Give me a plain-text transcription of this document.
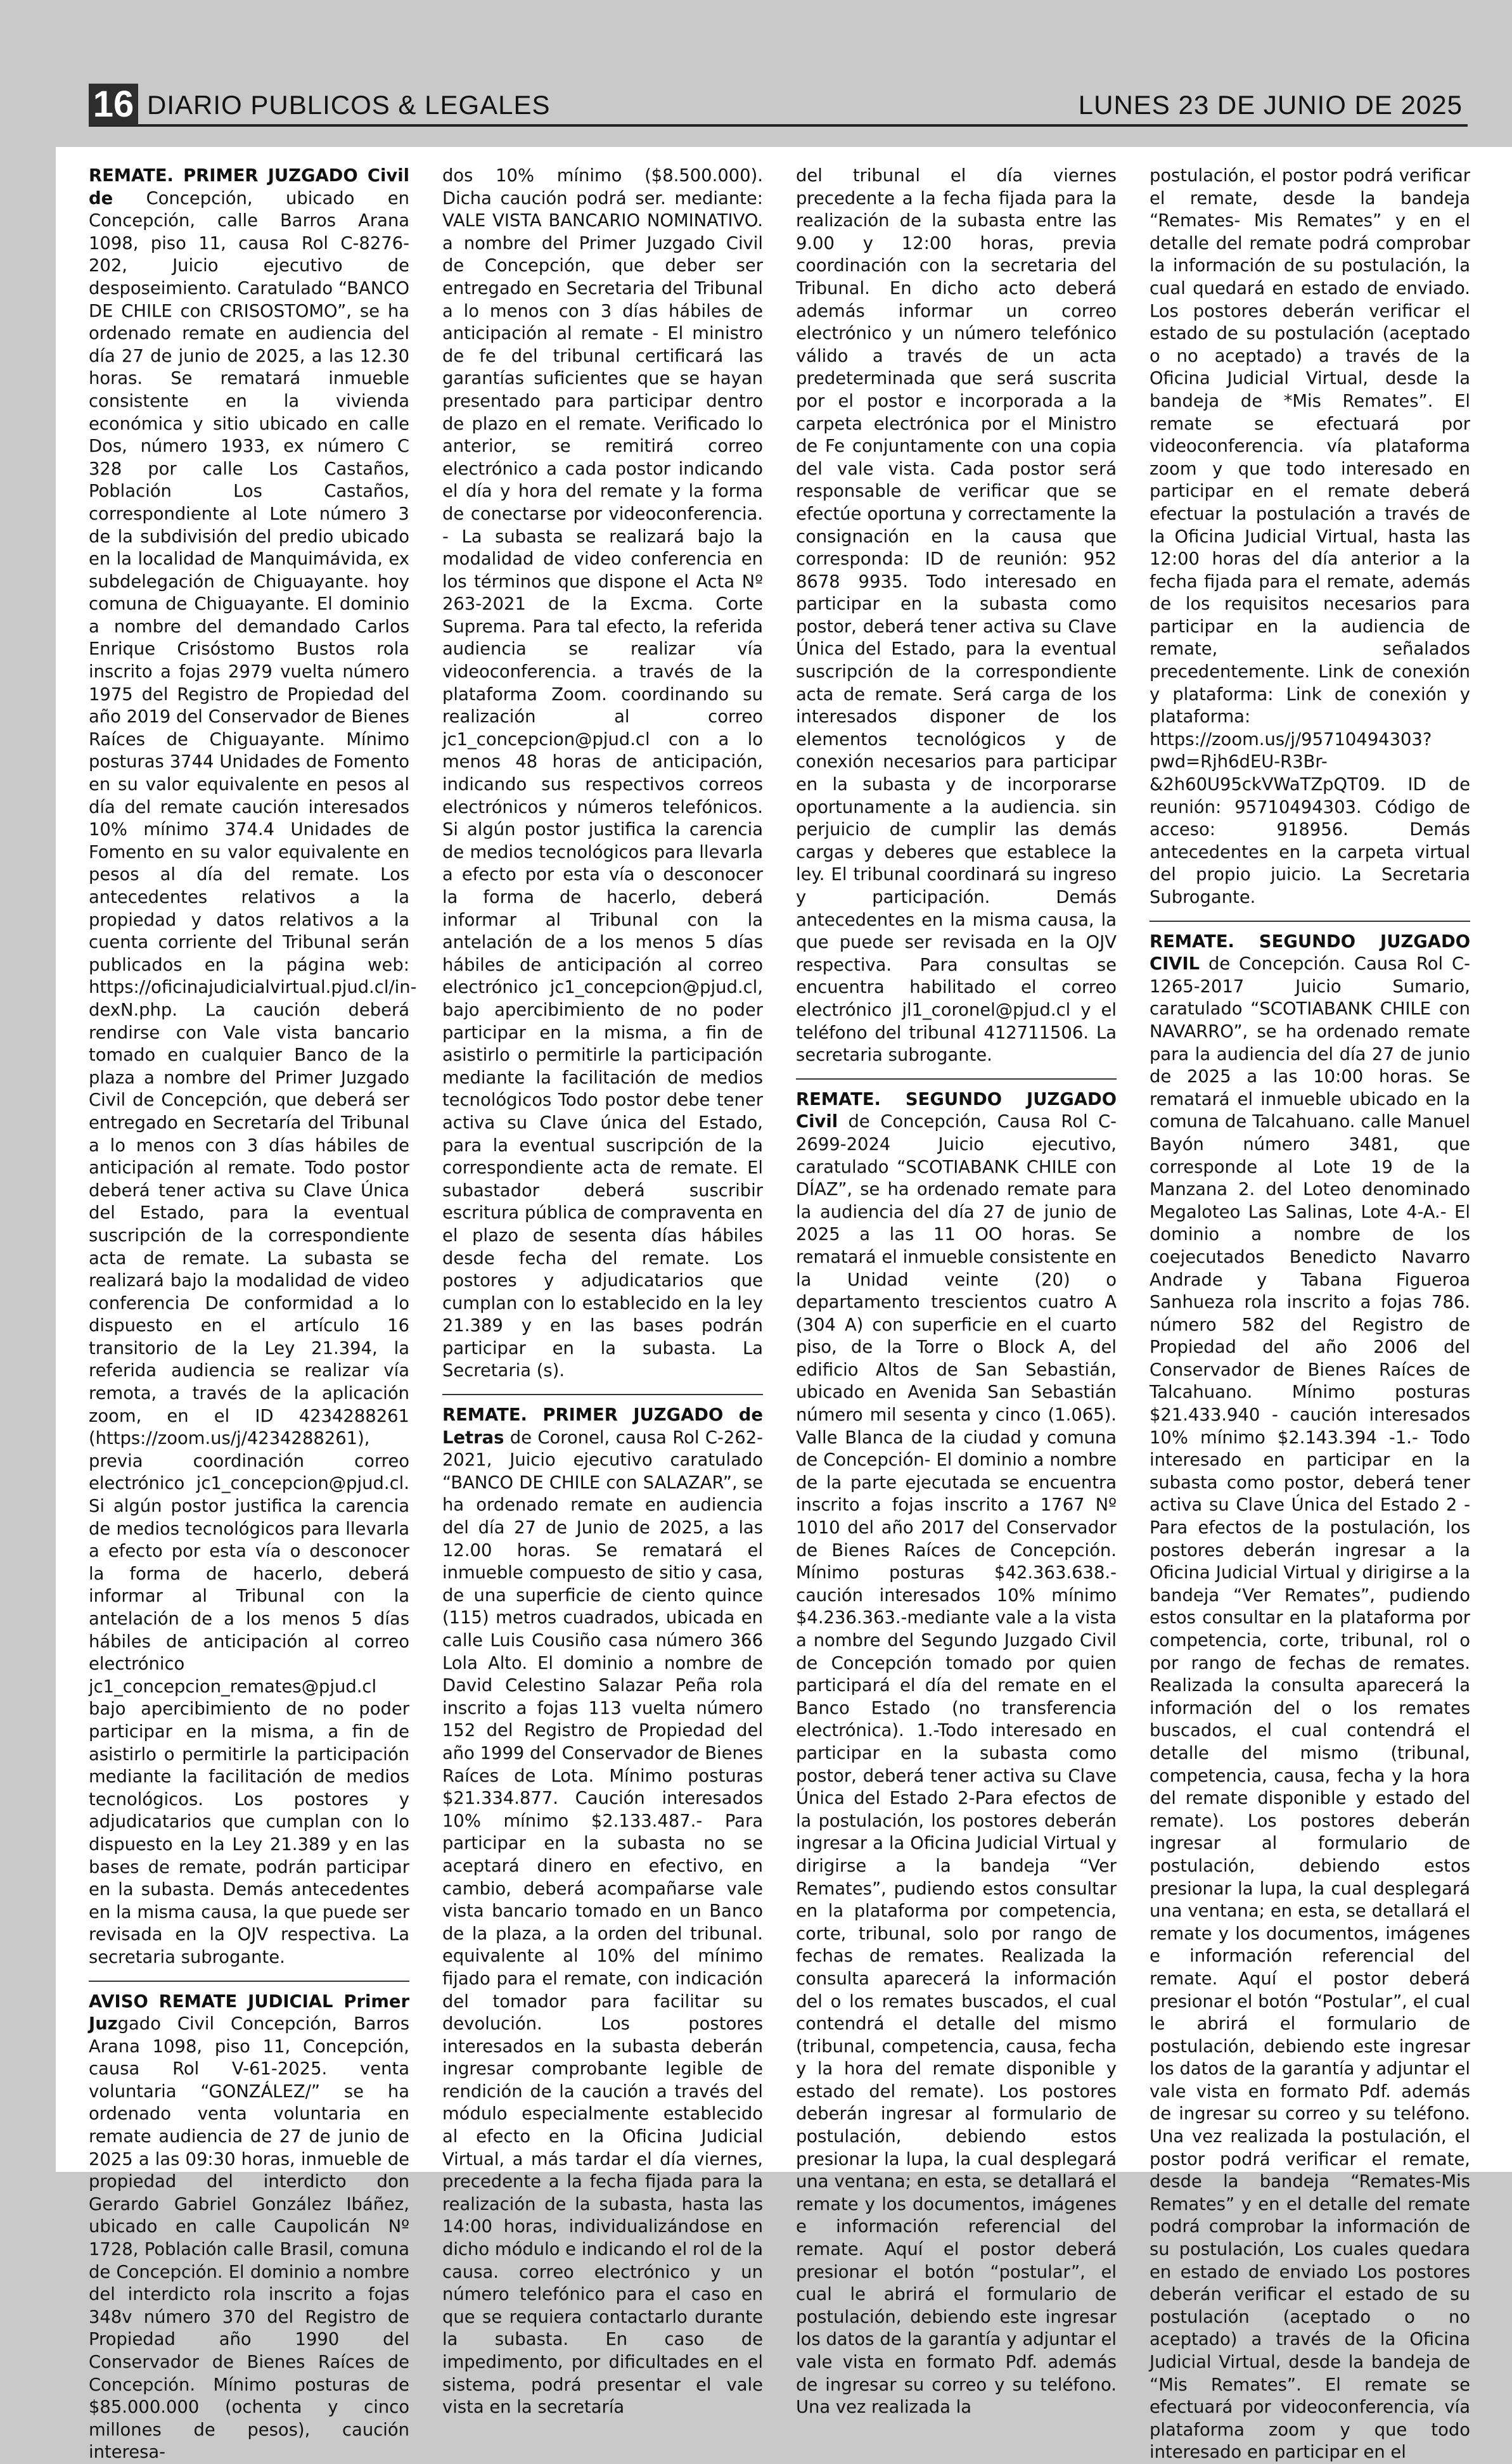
16 DIARIO PUBLICOS & LEGALES	LUNES 23 DE JUNIO DE 2025

REMATE. PRIMER JUZGADO Civil de Concepción, ubicado en Concepción, calle Barros Arana 1098, piso 11, causa Rol C-8276-202, Juicio ejecutivo de desposeimiento. Caratulado “BANCO DE CHILE con CRISOSTOMO”, se ha ordenado remate en audiencia del día 27 de junio de 2025, a las 12.30 horas. Se rematará inmueble consistente en la vivienda económica y sitio ubicado en calle Dos, número 1933, ex número C 328 por calle Los Castaños, Población Los Castaños, correspondiente al Lote número 3 de la subdivisión del predio ubicado en la localidad de Manquimávida, ex subdelegación de Chiguayante. hoy comuna de Chiguayante. El dominio a nombre del demandado Carlos Enrique Crisóstomo Bustos rola inscrito a fojas 2979 vuelta número 1975 del Registro de Propiedad del año 2019 del Conservador de Bienes Raíces de Chiguayante. Mínimo posturas 3744 Unidades de Fomento en su valor equivalente en pesos al día del remate caución interesados 10% mínimo 374.4 Unidades de Fomento en su valor equivalente en pesos al día del remate. Los antecedentes relativos a la propiedad y datos relativos a la cuenta corriente del Tribunal serán publicados en la página web: https://oficinajudicialvirtual.pjud.cl/in-dexN.php. La caución deberá rendirse con Vale vista bancario tomado en cualquier Banco de la plaza a nombre del Primer Juzgado Civil de Concepción, que deberá ser entregado en Secretaría del Tribunal a lo menos con 3 días hábiles de anticipación al remate. Todo postor deberá tener activa su Clave Única del Estado, para la eventual suscripción de la correspondiente acta de remate. La subasta se realizará bajo la modalidad de video conferencia De conformidad a lo dispuesto en el artículo 16 transitorio de la Ley 21.394, la referida audiencia se realizar vía remota, a través de la aplicación zoom, en el ID 4234288261 (https://zoom.us/j/4234288261), previa coordinación correo electrónico jc1_concepcion@pjud.cl. Si algún postor justifica la carencia de medios tecnológicos para llevarla a efecto por esta vía o desconocer la forma de hacerlo, deberá informar al Tribunal con la antelación de a los menos 5 días hábiles de anticipación al correo electrónico jc1_concepcion_remates@pjud.cl bajo apercibimiento de no poder participar en la misma, a fin de asistirlo o permitirle la participación mediante la facilitación de medios tecnológicos. Los postores y adjudicatarios que cumplan con lo dispuesto en la Ley 21.389 y en las bases de remate, podrán participar en la subasta. Demás antecedentes en la misma causa, la que puede ser revisada en la OJV respectiva. La secretaria subrogante.

AVISO REMATE JUDICIAL Primer Juzgado Civil Concepción, Barros Arana 1098, piso 11, Concepción, causa Rol V-61-2025. venta voluntaria “GONZÁLEZ/” se ha ordenado venta voluntaria en remate audiencia de 27 de junio de 2025 a las 09:30 horas, inmueble de propiedad del interdicto don Gerardo Gabriel González Ibáñez, ubicado en calle Caupolicán Nº 1728, Población calle Brasil, comuna de Concepción. El dominio a nombre del interdicto rola inscrito a fojas 348v número 370 del Registro de Propiedad año 1990 del Conservador de Bienes Raíces de Concepción. Mínimo posturas de $85.000.000 (ochenta y cinco millones de pesos), caución interesa-

dos 10% mínimo ($8.500.000). Dicha caución podrá ser. mediante: VALE VISTA BANCARIO NOMINATIVO. a nombre del Primer Juzgado Civil de Concepción, que deber ser entregado en Secretaria del Tribunal a lo menos con 3 días hábiles de anticipación al remate - El ministro de fe del tribunal certificará las garantías suficientes que se hayan presentado para participar dentro de plazo en el remate. Verificado lo anterior, se remitirá correo electrónico a cada postor indicando el día y hora del remate y la forma de conectarse por videoconferencia. - La subasta se realizará bajo la modalidad de video conferencia en los términos que dispone el Acta Nº 263-2021 de la Excma. Corte Suprema. Para tal efecto, la referida audiencia se realizar vía videoconferencia. a través de la plataforma Zoom. coordinando su realización al correo jc1_concepcion@pjud.cl con a lo menos 48 horas de anticipación, indicando sus respectivos correos electrónicos y números telefónicos. Si algún postor justifica la carencia de medios tecnológicos para llevarla a efecto por esta vía o desconocer la forma de hacerlo, deberá informar al Tribunal con la antelación de a los menos 5 días hábiles de anticipación al correo electrónico jc1_concepcion@pjud.cl, bajo apercibimiento de no poder participar en la misma, a fin de asistirlo o permitirle la participación mediante la facilitación de medios tecnológicos Todo postor debe tener activa su Clave única del Estado, para la eventual suscripción de la correspondiente acta de remate. El subastador deberá suscribir escritura pública de compraventa en el plazo de sesenta días hábiles desde fecha del remate. Los postores y adjudicatarios que cumplan con lo establecido en la ley 21.389 y en las bases podrán participar en la subasta. La Secretaria (s).

REMATE. PRIMER JUZGADO de Letras de Coronel, causa Rol C-262-2021, Juicio ejecutivo caratulado “BANCO DE CHILE con SALAZAR”, se ha ordenado remate en audiencia del día 27 de Junio de 2025, a las 12.00 horas. Se rematará el inmueble compuesto de sitio y casa, de una superficie de ciento quince (115) metros cuadrados, ubicada en calle Luis Cousiño casa número 366 Lola Alto. El dominio a nombre de David Celestino Salazar Peña rola inscrito a fojas 113 vuelta número 152 del Registro de Propiedad del año 1999 del Conservador de Bienes Raíces de Lota. Mínimo posturas $21.334.877. Caución interesados 10% mínimo $2.133.487.- Para participar en la subasta no se aceptará dinero en efectivo, en cambio, deberá acompañarse vale vista bancario tomado en un Banco de la plaza, a la orden del tribunal. equivalente al 10% del mínimo fijado para el remate, con indicación del tomador para facilitar su devolución. Los postores interesados en la subasta deberán ingresar comprobante legible de rendición de la caución a través del módulo especialmente establecido al efecto en la Oficina Judicial Virtual, a más tardar el día viernes, precedente a la fecha fijada para la realización de la subasta, hasta las 14:00 horas, individualizándose en dicho módulo e indicando el rol de la causa. correo electrónico y un número telefónico para el caso en que se requiera contactarlo durante la subasta. En caso de impedimento, por dificultades en el sistema, podrá presentar el vale vista en la secretaría

del tribunal el día viernes precedente a la fecha fijada para la realización de la subasta entre las 9.00 y 12:00 horas, previa coordinación con la secretaria del Tribunal. En dicho acto deberá además informar un correo electrónico y un número telefónico válido a través de un acta predeterminada que será suscrita por el postor e incorporada a la carpeta electrónica por el Ministro de Fe conjuntamente con una copia del vale vista. Cada postor será responsable de verificar que se efectúe oportuna y correctamente la consignación en la causa que corresponda: ID de reunión: 952 8678 9935. Todo interesado en participar en la subasta como postor, deberá tener activa su Clave Única del Estado, para la eventual suscripción de la correspondiente acta de remate. Será carga de los interesados disponer de los elementos tecnológicos y de conexión necesarios para participar en la subasta y de incorporarse oportunamente a la audiencia. sin perjuicio de cumplir las demás cargas y deberes que establece la ley. El tribunal coordinará su ingreso y participación. Demás antecedentes en la misma causa, la que puede ser revisada en la OJV respectiva. Para consultas se encuentra habilitado el correo electrónico jl1_coronel@pjud.cl y el teléfono del tribunal 412711506. La secretaria subrogante.

REMATE. SEGUNDO JUZGADO Civil de Concepción, Causa Rol C-2699-2024 Juicio ejecutivo, caratulado “SCOTIABANK CHILE con DÍAZ”, se ha ordenado remate para la audiencia del día 27 de junio de 2025 a las 11 OO horas. Se rematará el inmueble consistente en la Unidad veinte (20) o departamento trescientos cuatro A (304 A) con superficie en el cuarto piso, de la Torre o Block A, del edificio Altos de San Sebastián, ubicado en Avenida San Sebastián número mil sesenta y cinco (1.065). Valle Blanca de la ciudad y comuna de Concepción- El dominio a nombre de la parte ejecutada se encuentra inscrito a fojas inscrito a 1767 Nº 1010 del año 2017 del Conservador de Bienes Raíces de Concepción. Mínimo posturas $42.363.638.- caución interesados 10% mínimo $4.236.363.-mediante vale a la vista a nombre del Segundo Juzgado Civil de Concepción tomado por quien participará el día del remate en el Banco Estado (no transferencia electrónica). 1.-Todo interesado en participar en la subasta como postor, deberá tener activa su Clave Única del Estado 2-Para efectos de la postulación, los postores deberán ingresar a la Oficina Judicial Virtual y dirigirse a la bandeja “Ver Remates”, pudiendo estos consultar en la plataforma por competencia, corte, tribunal, solo por rango de fechas de remates. Realizada la consulta aparecerá la información del o los remates buscados, el cual contendrá el detalle del mismo (tribunal, competencia, causa, fecha y la hora del remate disponible y estado del remate). Los postores deberán ingresar al formulario de postulación, debiendo estos presionar la lupa, la cual desplegará una ventana; en esta, se detallará el remate y los documentos, imágenes e información referencial del remate. Aquí el postor deberá presionar el botón “postular”, el cual le abrirá el formulario de postulación, debiendo este ingresar los datos de la garantía y adjuntar el vale vista en formato Pdf. además de ingresar su correo y su teléfono. Una vez realizada la

postulación, el postor podrá verificar el remate, desde la bandeja “Remates- Mis Remates” y en el detalle del remate podrá comprobar la información de su postulación, la cual quedará en estado de enviado. Los postores deberán verificar el estado de su postulación (aceptado o no aceptado) a través de la Oficina Judicial Virtual, desde la bandeja de *Mis Remates”. El remate se efectuará por videoconferencia. vía plataforma zoom y que todo interesado en participar en el remate deberá efectuar la postulación a través de la Oficina Judicial Virtual, hasta las 12:00 horas del día anterior a la fecha fijada para el remate, además de los requisitos necesarios para participar en la audiencia de remate, señalados precedentemente. Link de conexión y plataforma: Link de conexión y plataforma: https://zoom.us/j/95710494303?pwd=Rjh6dEU-R3Br-&2h60U95ckVWaTZpQT09. ID de reunión: 95710494303. Código de acceso: 918956. Demás antecedentes en la carpeta virtual del propio juicio. La Secretaria Subrogante.

REMATE. SEGUNDO JUZGADO CIVIL de Concepción. Causa Rol C-1265-2017 Juicio Sumario, caratulado “SCOTIABANK CHILE con NAVARRO”, se ha ordenado remate para la audiencia del día 27 de junio de 2025 a las 10:00 horas. Se rematará el inmueble ubicado en la comuna de Talcahuano. calle Manuel Bayón número 3481, que corresponde al Lote 19 de la Manzana 2. del Loteo denominado Megaloteo Las Salinas, Lote 4-A.- El dominio a nombre de los coejecutados Benedicto Navarro Andrade y Tabana Figueroa Sanhueza rola inscrito a fojas 786. número 582 del Registro de Propiedad del año 2006 del Conservador de Bienes Raíces de Talcahuano. Mínimo posturas $21.433.940 - caución interesados 10% mínimo $2.143.394 -1.- Todo interesado en participar en la subasta como postor, deberá tener activa su Clave Única del Estado 2 -Para efectos de la postulación, los postores deberán ingresar a la Oficina Judicial Virtual y dirigirse a la bandeja “Ver Remates”, pudiendo estos consultar en la plataforma por competencia, corte, tribunal, rol o por rango de fechas de remates. Realizada la consulta aparecerá la información del o los remates buscados, el cual contendrá el detalle del mismo (tribunal, competencia, causa, fecha y la hora del remate disponible y estado del remate). Los postores deberán ingresar al formulario de postulación, debiendo estos presionar la lupa, la cual desplegará una ventana; en esta, se detallará el remate y los documentos, imágenes e información referencial del remate. Aquí el postor deberá presionar el botón “Postular”, el cual le abrirá el formulario de postulación, debiendo este ingresar los datos de la garantía y adjuntar el vale vista en formato Pdf. además de ingresar su correo y su teléfono. Una vez realizada la postulación, el postor podrá verificar el remate, desde la bandeja “Remates-Mis Remates” y en el detalle del remate podrá comprobar la información de su postulación, Los cuales quedara en estado de enviado Los postores deberán verificar el estado de su postulación (aceptado o no aceptado) a través de la Oficina Judicial Virtual, desde la bandeja de “Mis Remates”. El remate se efectuará por videoconferencia, vía plataforma zoom y que todo interesado en participar en el
